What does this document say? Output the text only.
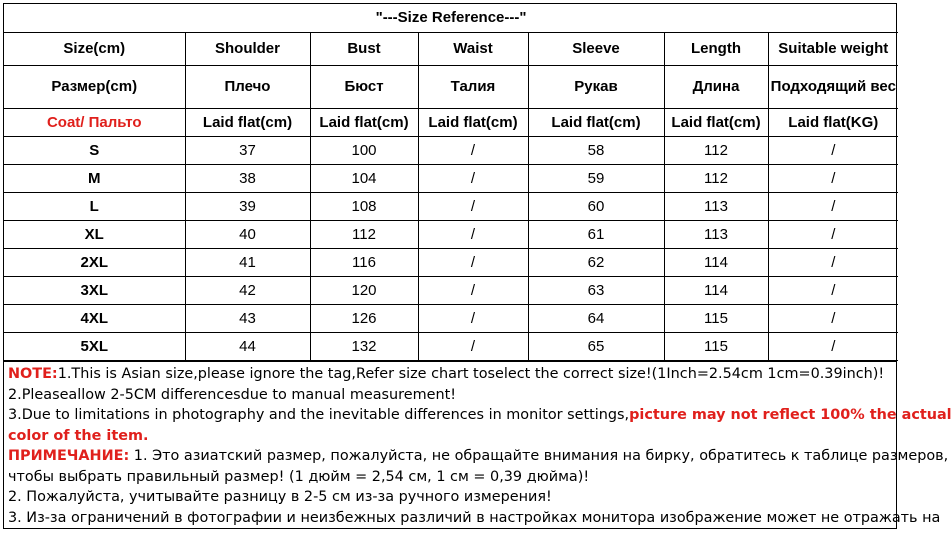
"---Size Reference---"						
Size(cm)	Shoulder	Bust	Waist	Sleeve	Length	Suitable weight
Размер(cm)	Плечо	Бюст	Талия	Рукав	Длина	Подходящий вес
Coat/ Пальто	Laid flat(cm)	Laid flat(cm)	Laid flat(cm)	Laid flat(cm)	Laid flat(cm)	Laid flat(KG)
S	37	100	/	58	112	/
M	38	104	/	59	112	/
L	39	108	/	60	113	/
XL	40	112	/	61	113	/
2XL	41	116	/	62	114	/
3XL	42	120	/	63	114	/
4XL	43	126	/	64	115	/
5XL	44	132	/	65	115	/

NOTE:1.This is Asian size,please ignore the tag,Refer size chart toselect the correct size!(1Inch=2.54cm 1cm=0.39inch)!

2.Pleaseallow 2-5CM differencesdue to manual measurement!

3.Due to limitations in photography and the inevitable differences in monitor settings,picture may not reflect 100% the actual

color of the item.

ПРИМЕЧАНИЕ: 1. Это азиатский размер, пожалуйста, не обращайте внимания на бирку, обратитесь к таблице размеров,

чтобы выбрать правильный размер! (1 дюйм = 2,54 см, 1 см = 0,39 дюйма)!

2. Пожалуйста, учитывайте разницу в 2-5 см из-за ручного измерения!

3. Из-за ограничений в фотографии и неизбежных различий в настройках монитора изображение может не отражать на
